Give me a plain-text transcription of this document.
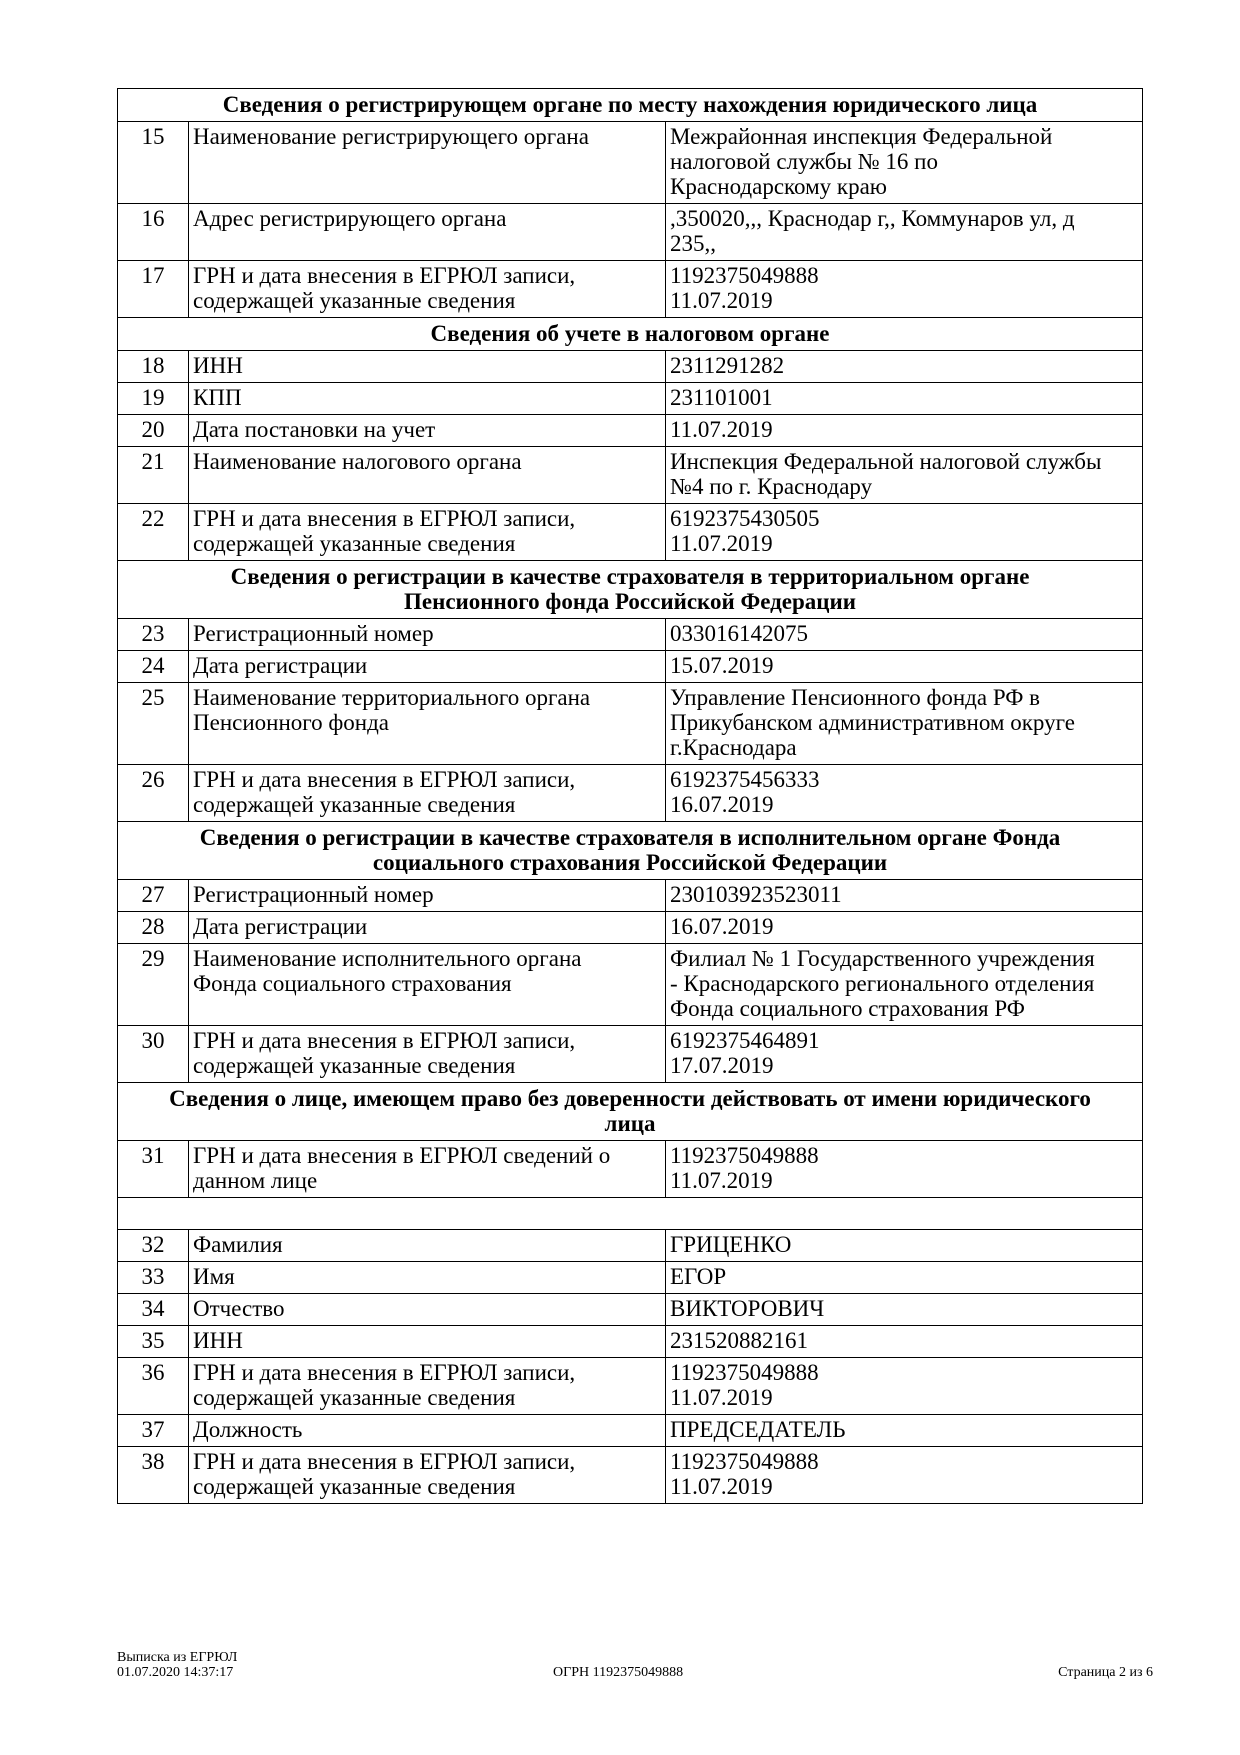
Сведения о регистрирующем органе по месту нахождения юридического лица		
15	Наименование регистрирующего органа	Межрайонная инспекция Федеральной
налоговой службы № 16 по
Краснодарскому краю

16	Адрес регистрирующего органа	,350020,,, Краснодар г,, Коммунаров ул, д
235,,

17	ГРН и дата внесения в ЕГРЮЛ записи,
содержащей указанные сведения	1192375049888
11.07.2019

Сведения об учете в налоговом органе		
18	ИНН	2311291282

19	КПП	231101001

20	Дата постановки на учет	11.07.2019

21	Наименование налогового органа	Инспекция Федеральной налоговой службы
№4 по г. Краснодару

22	ГРН и дата внесения в ЕГРЮЛ записи,
содержащей указанные сведения	6192375430505
11.07.2019

Сведения о регистрации в качестве страхователя в территориальном органе
Пенсионного фонда Российской Федерации		

23	Регистрационный номер	033016142075

24	Дата регистрации	15.07.2019

25	Наименование территориального органа
Пенсионного фонда	Управление Пенсионного фонда РФ в
Прикубанском административном округе
г.Краснодара

26	ГРН и дата внесения в ЕГРЮЛ записи,
содержащей указанные сведения	6192375456333
16.07.2019

Сведения о регистрации в качестве страхователя в исполнительном органе Фонда
социального страхования Российской Федерации		

27	Регистрационный номер	230103923523011

28	Дата регистрации	16.07.2019

29	Наименование исполнительного органа
Фонда социального страхования	Филиал № 1 Государственного учреждения
- Краснодарского регионального отделения
Фонда социального страхования РФ

30	ГРН и дата внесения в ЕГРЮЛ записи,
содержащей указанные сведения	6192375464891
17.07.2019

Сведения о лице, имеющем право без доверенности действовать от имени юридического
лица		

31	ГРН и дата внесения в ЕГРЮЛ сведений о
данном лице	1192375049888
11.07.2019

32	Фамилия	ГРИЦЕНКО

33	Имя	ЕГОР

34	Отчество	ВИКТОРОВИЧ

35	ИНН	231520882161

36	ГРН и дата внесения в ЕГРЮЛ записи,
содержащей указанные сведения	1192375049888
11.07.2019

37	Должность	ПРЕДСЕДАТЕЛЬ

38	ГРН и дата внесения в ЕГРЮЛ записи,
содержащей указанные сведения	1192375049888
11.07.2019
Выписка из ЕГРЮЛ
01.07.2020 14:37:17	ОГРН 1192375049888	Страница 2 из 6
